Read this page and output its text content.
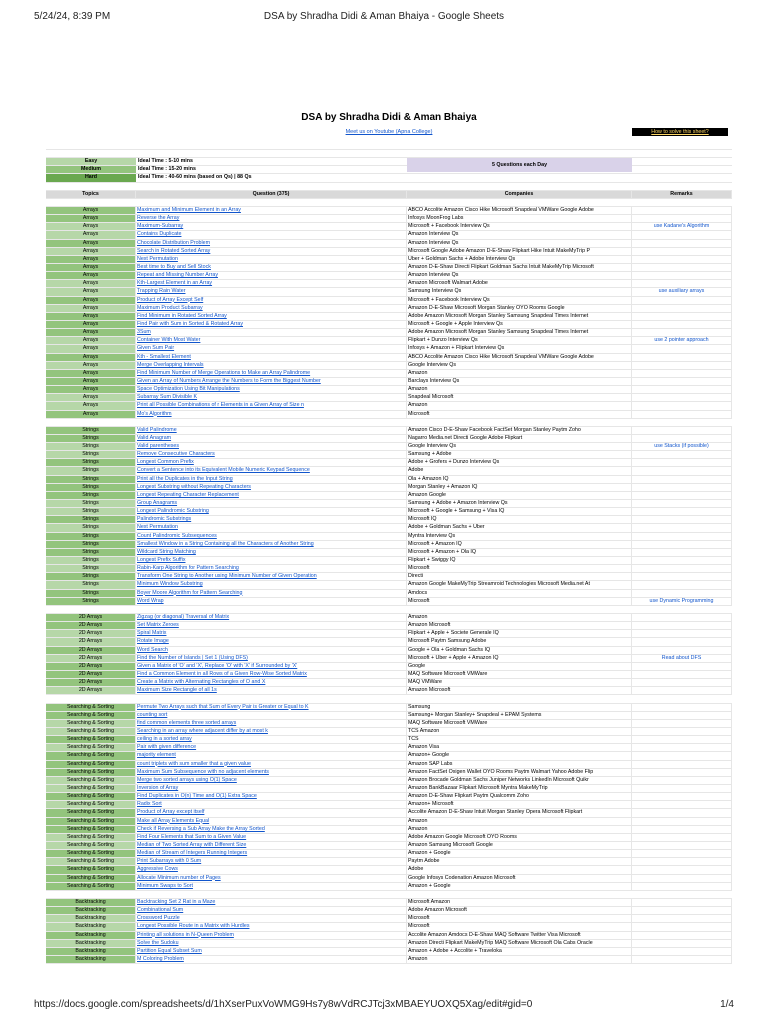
5/24/24, 8:39 PM	DSA by Shradha Didi & Aman Bhaiya - Google Sheets
DSA by Shradha Didi & Aman Bhaiya
Meet us on Youtube (Apna College)	How to solve this sheet?
Easy	Ideal Time : 5-10 mins
Medium	Ideal Time : 15-20 mins
Hard	Ideal Time : 40-60 mins (based on Qs) | 88 Qs
5 Questions each Day
Topics	Question (375)	Companies	Remarks
Arrays	Maximum and Minimum Element in an Array	ABCO Accolite Amazon Cisco Hike Microsoft Snapdeal VMWare Google Adobe
Arrays	Reverse the Array	Infosys MoonFrog Labs
Arrays	Maximum-Subarray	Microsoft + Facebook Interview Qs	use Kadane's Algorithm
Arrays	Contains Duplicate	Amazon Interview Qs
Arrays	Chocolate Distribution Problem	Amazon Interview Qs
Arrays	Search in Rotated Sorted Array	Microsoft Google Adobe Amazon D-E-Shaw Flipkart Hike Intuit MakeMyTrip P
Arrays	Next Permutation	Uber + Goldman Sachs + Adobe Interview Qs
Arrays	Best time to Buy and Sell Stock	Amazon D-E-Shaw Directi Flipkart Goldman Sachs Intuit MakeMyTrip Microsoft
Arrays	Repeat and Missing Number Array	Amazon Interview Qs
Arrays	Kth-Largest Element in an Array	Amazon Microsoft Walmart Adobe
Arrays	Trapping Rain Water	Samsung Interview Qs	use auxiliary arrays
Arrays	Product of Array Except Self	Microsoft + Facebook Interview Qs
Arrays	Maximum Product Subarray	Amazon D-E-Shaw Microsoft Morgan Stanley OYO Rooms Google
Arrays	Find Minimum in Rotated Sorted Array	Adobe Amazon Microsoft Morgan Stanley Samsung Snapdeal Times Internet
Arrays	Find Pair with Sum in Sorted & Rotated Array	Microsoft + Google + Apple Interview Qs
Arrays	3Sum	Adobe Amazon Microsoft Morgan Stanley Samsung Snapdeal Times Internet
Arrays	Container With Most Water	Flipkart + Dunzo Interview Qs	use 2 pointer approach
Arrays	Given Sum Pair	Infosys + Amazon + Flipkart Interview Qs
Arrays	Kth - Smallest Element	ABCO Accolite Amazon Cisco Hike Microsoft Snapdeal VMWare Google Adobe
Arrays	Merge Overlapping Intervals	Google Interview Qs
Arrays	Find Minimum Number of Merge Operations to Make an Array Palindrome	Amazon
Arrays	Given an Array of Numbers Arrange the Numbers to Form the Biggest Number	Barclays Interview Qs
Arrays	Space Optimization Using Bit Manipulations	Amazon
Arrays	Subarray Sum Divisible K	Snapdeal Microsoft
Arrays	Print all Possible Combinations of r Elements in a Given Array of Size n	Amazon
Arrays	Mo's Algorithm	Microsoft
Strings	Valid Palindrome	Amazon Cisco D-E-Shaw Facebook FactSet Morgan Stanley Paytm Zoho
Strings	Valid Anagram	Nagarro Media.net Directi Google Adobe Flipkart
Strings	Valid parentheses	Google Interview Qs	use Stacks (if possible)
Strings	Remove Consecutive Characters	Samsung + Adobe
Strings	Longest Common Prefix	Adobe + Grofers + Dunzo Interview Qs
Strings	Convert a Sentence into its Equivalent Mobile Numeric Keypad Sequence	Adobe
Strings	Print all the Duplicates in the Input String	Ola + Amazon IQ
Strings	Longest Substring without Repeating Characters	Morgan Stanley + Amazon IQ
Strings	Longest Repeating Character Replacement	Amazon Google
Strings	Group Anagrams	Samsung + Adobe + Amazon Interview Qs
Strings	Longest Palindromic Substring	Microsoft + Google + Samsung + Visa IQ
Strings	Palindromic Substrings	Microsoft IQ
Strings	Next Permutation	Adobe + Goldman Sachs + Uber
Strings	Count Palindromic Subsequences	Myntra Interview Qs
Strings	Smallest Window in a String Containing all the Characters of Another String	Microsoft + Amazon IQ
Strings	Wildcard String Matching	Microsoft + Amazon + Ola IQ
Strings	Longest Prefix Suffix	Flipkart + Swiggy IQ
Strings	Rabin-Karp Algorithm for Pattern Searching	Microsoft
Strings	Transform One String to Another using Minimum Number of Given Operation	Directi
Strings	Minimum Window Substring	Amazon Google MakeMyTrip Streamroid Technologies Microsoft Media.net At
Strings	Boyer Moore Algorithm for Pattern Searching	Amdocs
Strings	Word Wrap	Microsoft	use Dynamic Programming
2D Arrays	Zigzag (or diagonal) Traversal of Matrix	Amazon
2D Arrays	Set Matrix Zeroes	Amazon Microsoft
2D Arrays	Spiral Matrix	Flipkart + Apple + Societe Generale IQ
2D Arrays	Rotate Image	Microsoft Paytm Samsung Adobe
2D Arrays	Word Search	Google + Ola + Goldman Sachs IQ
2D Arrays	Find the Number of Islands | Set 1 (Using DFS)	Microsoft + Uber + Apple + Amazon IQ	Read about DFS
2D Arrays	Given a Matrix of 'O' and 'X', Replace 'O' with 'X' if Surrounded by 'X'	Google
2D Arrays	Find a Common Element in all Rows of a Given Row-Wise Sorted Matrix	MAQ Software Microsoft VMWare
2D Arrays	Create a Matrix with Alternating Rectangles of O and X	MAQ VMWare
2D Arrays	Maximum Size Rectangle of all 1s	Amazon Microsoft
Searching & Sorting	Permute Two Arrays such that Sum of Every Pair is Greater or Equal to K	Samsung
Searching & Sorting	counting sort	Samsung+ Morgan Stanley+ Snapdeal + EPAM Systems
Searching & Sorting	find common elements three sorted arrays	MAQ Software Microsoft VMWare
Searching & Sorting	Searching in an array where adjacent differ by at most k	TCS Amazon
Searching & Sorting	ceiling in a sorted array	TCS
Searching & Sorting	Pair with given difference	Amazon Visa
Searching & Sorting	majority element	Amazon+ Google
Searching & Sorting	count triplets with sum smaller that a given value	Amazon SAP Labs
Searching & Sorting	Maximum Sum Subsequence with no adjacent elements	Amazon FactSet Oxigen Wallet OYO Rooms Paytm Walmart Yahoo Adobe Flip
Searching & Sorting	Merge two sorted arrays using O(1) Space	Amazon Brocade Goldman Sachs Juniper Networks LinkedIn Microsoft Quikr
Searching & Sorting	Inversion of Array	Amazon BankBazaar Flipkart Microsoft Myntra MakeMyTrip
Searching & Sorting	Find Duplicates in O(n) Time and O(1) Extra Space	Amazon D-E-Shaw Flipkart Paytm Qualcomm Zoho
Searching & Sorting	Radix Sort	Amazon+ Microsoft
Searching & Sorting	Product of Array except itself	Accolite Amazon D-E-Shaw Intuit Morgan Stanley Opera Microsoft Flipkart
Searching & Sorting	Make all Array Elements Equal	Amazon
Searching & Sorting	Check if Reversing a Sub Array Make the Array Sorted	Amazon
Searching & Sorting	Find Four Elements that Sum to a Given Value	Adobe Amazon Google Microsoft OYO Rooms
Searching & Sorting	Median of Two Sorted Array with Different Size	Amazon Samsung Microsoft Google
Searching & Sorting	Median of Stream of Integers Running Integers	Amazon + Google
Searching & Sorting	Print Subarrays with 0 Sum	Paytm Adobe
Searching & Sorting	Aggressive Cows	Adobe
Searching & Sorting	Allocate Minimum number of Pages	Google Infosys Codenation Amazon Microsoft
Searching & Sorting	Minimum Swaps to Sort	Amazon + Google
Backtracking	Backtracking Set 2 Rat in a Maze	Microsoft Amazon
Backtracking	Combinational Sum	Adobe Amazon Microsoft
Backtracking	Crossword Puzzle	Microsoft
Backtracking	Longest Possible Route in a Matrix with Hurdles	Microsoft
Backtracking	Printing all solutions in N-Queen Problem	Accolite Amazon Amdocs D-E-Shaw MAQ Software Twitter Visa Microsoft
Backtracking	Solve the Sudoku	Amazon Directi Flipkart MakeMyTrip MAQ Software Microsoft Ola Cabs Oracle
Backtracking	Partition Equal Subset Sum	Amazon + Adobe + Accolite + Traveloka
Backtracking	M Coloring Problem	Amazon
https://docs.google.com/spreadsheets/d/1hXserPuxVoWMG9Hs7y8wVdRCJTcj3xMBAEYUOXQ5Xag/edit#gid=0	1/4
